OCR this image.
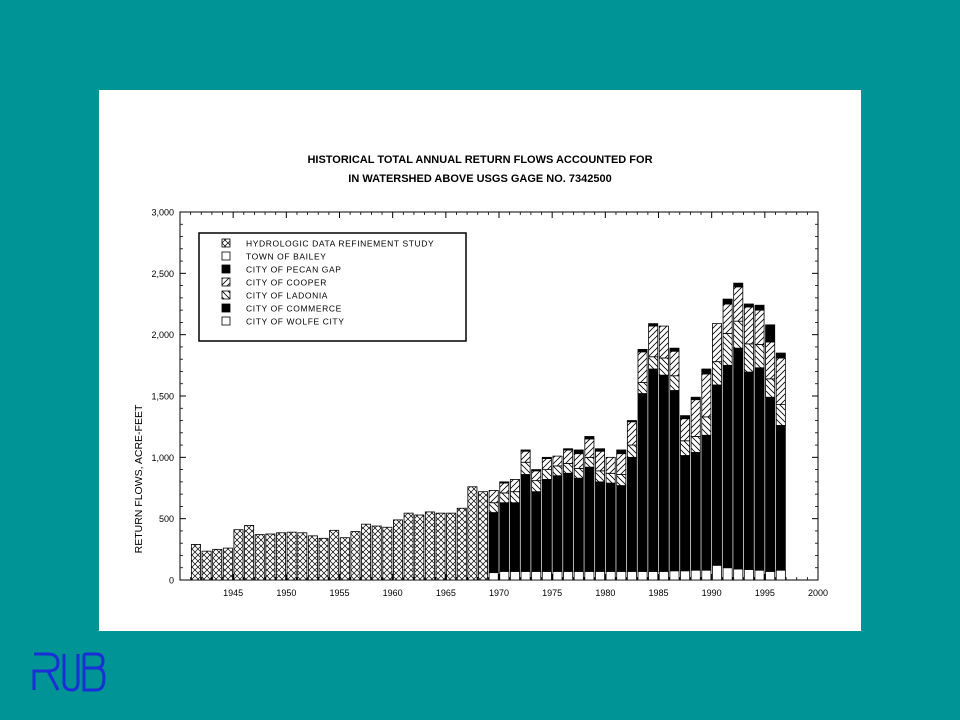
HISTORICAL TOTAL ANNUAL RETURN FLOWS ACCOUNTED FOR
IN WATERSHED ABOVE USGS GAGE NO. 7342500
RETURN FLOWS, ACRE-FEET
0
500
1,000
1,500
2,000
2,500
3,000
1945	1950	1955	1960	1965	1970	1975	1980	1985	1990	1995	2000
HYDROLOGIC DATA REFINEMENT STUDY
TOWN OF BAILEY
CITY OF PECAN GAP
CITY OF COOPER
CITY OF LADONIA
CITY OF COMMERCE
CITY OF WOLFE CITY
